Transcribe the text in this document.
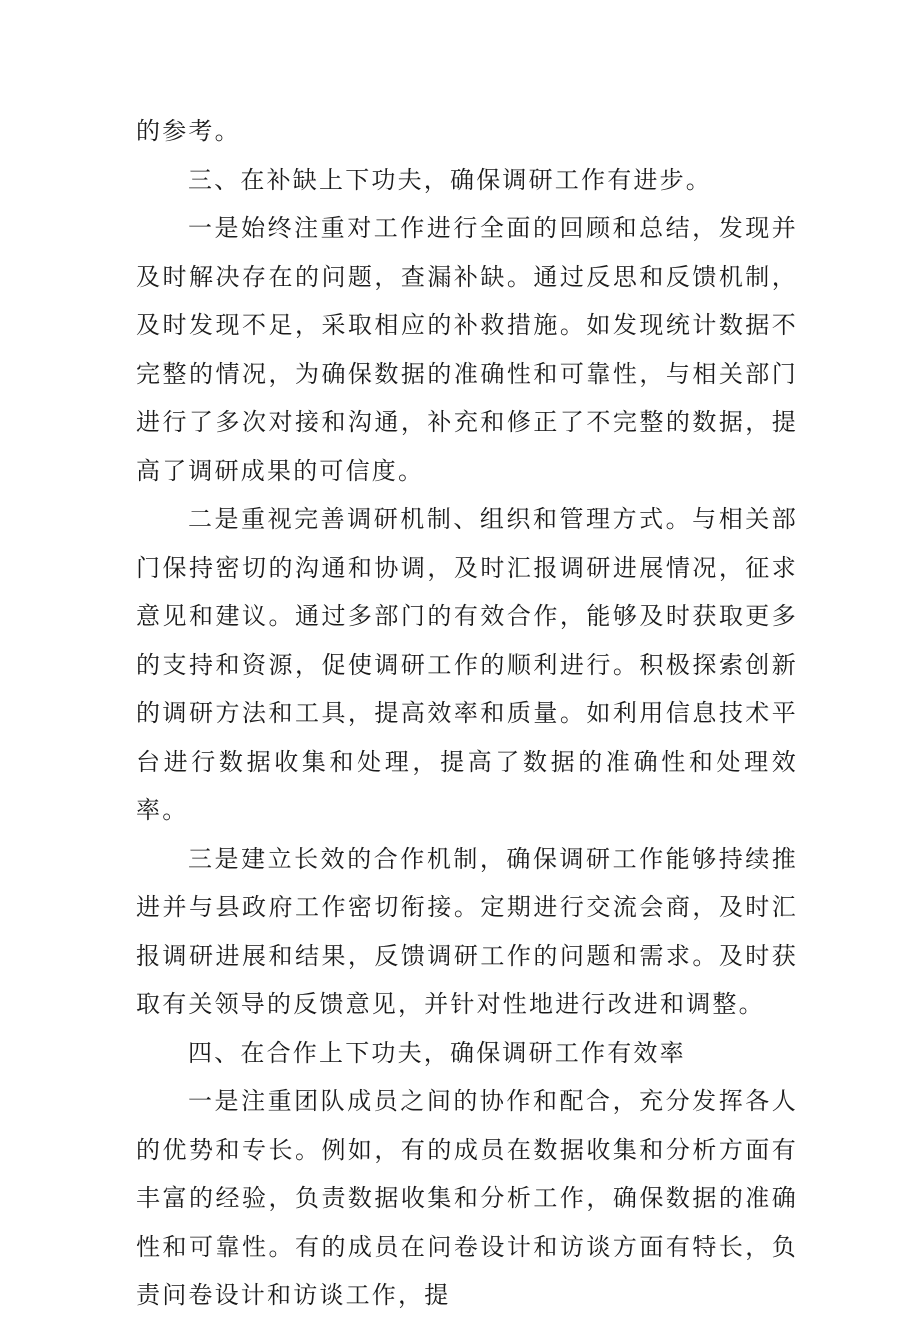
的参考。

三、在补缺上下功夫，确保调研工作有进步。

一是始终注重对工作进行全面的回顾和总结，发现并及时解决存在的问题，查漏补缺。通过反思和反馈机制，及时发现不足，采取相应的补救措施。如发现统计数据不完整的情况，为确保数据的准确性和可靠性，与相关部门进行了多次对接和沟通，补充和修正了不完整的数据，提高了调研成果的可信度。

二是重视完善调研机制、组织和管理方式。与相关部门保持密切的沟通和协调，及时汇报调研进展情况，征求意见和建议。通过多部门的有效合作，能够及时获取更多的支持和资源，促使调研工作的顺利进行。积极探索创新的调研方法和工具，提高效率和质量。如利用信息技术平台进行数据收集和处理，提高了数据的准确性和处理效率。

三是建立长效的合作机制，确保调研工作能够持续推进并与县政府工作密切衔接。定期进行交流会商，及时汇报调研进展和结果，反馈调研工作的问题和需求。及时获取有关领导的反馈意见，并针对性地进行改进和调整。

四、在合作上下功夫，确保调研工作有效率

一是注重团队成员之间的协作和配合，充分发挥各人的优势和专长。例如，有的成员在数据收集和分析方面有丰富的经验，负责数据收集和分析工作，确保数据的准确性和可靠性。有的成员在问卷设计和访谈方面有特长，负责问卷设计和访谈工作，提
